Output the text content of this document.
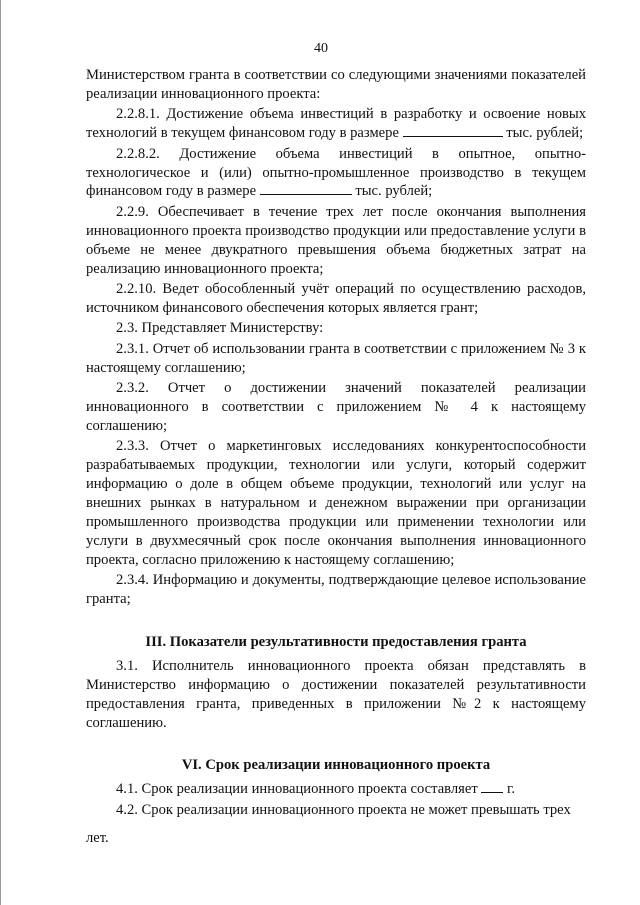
40

Министерством гранта в соответствии со следующими значениями показателей реализации инновационного проекта:

2.2.8.1. Достижение объема инвестиций в разработку и освоение новых технологий в текущем финансовом году в размере	тыс. рублей;

2.2.8.2. Достижение объема инвестиций в опытное, опытно-технологическое и (или) опытно-промышленное производство в текущем финансовом году в размере	тыс. рублей;

2.2.9. Обеспечивает в течение трех лет после окончания выполнения инновационного проекта производство продукции или предоставление услуги в объеме не менее двукратного превышения объема бюджетных затрат на реализацию инновационного проекта;

2.2.10. Ведет обособленный учёт операций по осуществлению расходов, источником финансового обеспечения которых является грант;

2.3. Представляет Министерству:

2.3.1. Отчет об использовании гранта в соответствии с приложением № 3 к настоящему соглашению;

2.3.2. Отчет о достижении значений показателей реализации инновационного в соответствии с приложением № 4 к настоящему соглашению;

2.3.3. Отчет о маркетинговых исследованиях конкурентоспособности разрабатываемых продукции, технологии или услуги, который содержит информацию о доле в общем объеме продукции, технологий или услуг на внешних рынках в натуральном и денежном выражении при организации промышленного производства продукции или применении технологии или услуги в двухмесячный срок после окончания выполнения инновационного проекта, согласно приложению к настоящему соглашению;

2.3.4. Информацию и документы, подтверждающие целевое использование гранта;

III. Показатели результативности предоставления гранта

3.1. Исполнитель инновационного проекта обязан представлять в Министерство информацию о достижении показателей результативности предоставления гранта, приведенных в приложении №2 к настоящему соглашению.

VI. Срок реализации инновационного проекта

4.1. Срок реализации инновационного проекта составляет г.

4.2. Срок реализации инновационного проекта не может превышать трех

лет.
